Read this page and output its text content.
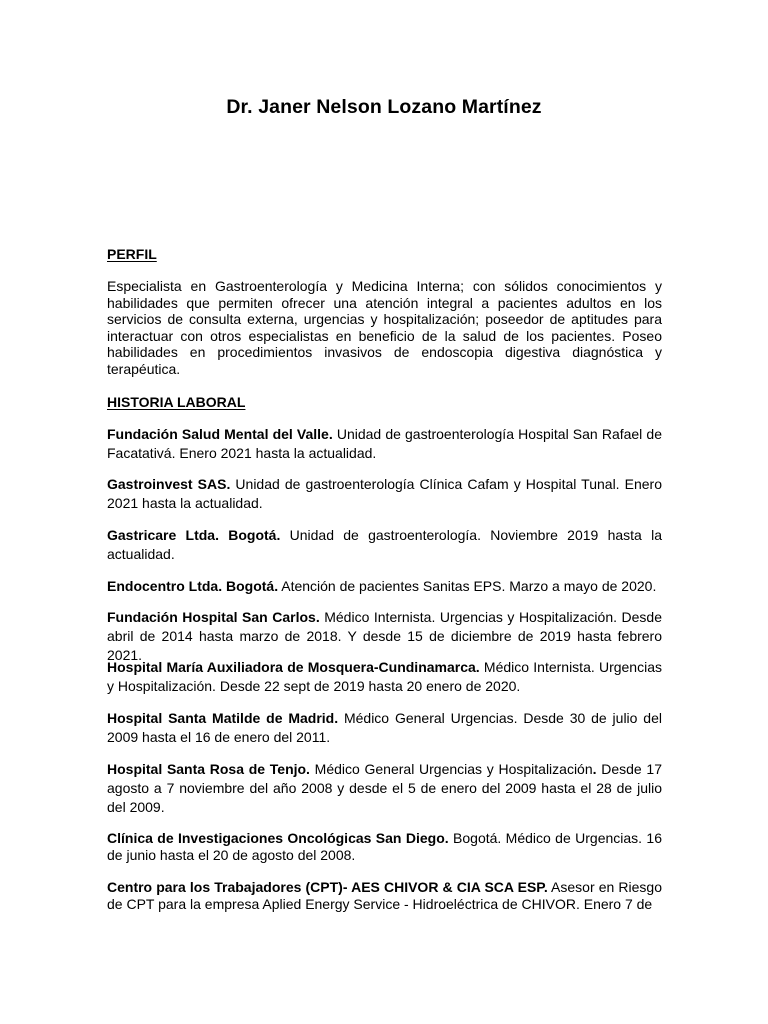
Dr. Janer Nelson Lozano Martínez
PERFIL
Especialista en Gastroenterología y Medicina Interna; con sólidos conocimientos y habilidades que permiten ofrecer una atención integral a pacientes adultos en los servicios de consulta externa, urgencias y hospitalización; poseedor de aptitudes para interactuar con otros especialistas en beneficio de la salud de los pacientes. Poseo habilidades en procedimientos invasivos de endoscopia digestiva diagnóstica y terapéutica.
HISTORIA LABORAL
Fundación Salud Mental del Valle. Unidad de gastroenterología Hospital San Rafael de Facatativá. Enero 2021 hasta la actualidad.
Gastroinvest SAS. Unidad de gastroenterología Clínica Cafam y Hospital Tunal. Enero 2021 hasta la actualidad.
Gastricare Ltda. Bogotá. Unidad de gastroenterología. Noviembre 2019 hasta la actualidad.
Endocentro Ltda. Bogotá. Atención de pacientes Sanitas EPS. Marzo a mayo de 2020.
Fundación Hospital San Carlos. Médico Internista. Urgencias y Hospitalización. Desde abril de 2014 hasta marzo de 2018. Y desde 15 de diciembre de 2019 hasta febrero 2021.
Hospital María Auxiliadora de Mosquera-Cundinamarca. Médico Internista. Urgencias y Hospitalización. Desde 22 sept de 2019 hasta 20 enero de 2020.
Hospital Santa Matilde de Madrid. Médico General Urgencias. Desde 30 de julio del 2009 hasta el 16 de enero del 2011.
Hospital Santa Rosa de Tenjo. Médico General Urgencias y Hospitalización. Desde 17 agosto a 7 noviembre del año 2008 y desde el 5 de enero del 2009 hasta el 28 de julio del 2009.
Clínica de Investigaciones Oncológicas San Diego. Bogotá. Médico de Urgencias. 16 de junio hasta el 20 de agosto del 2008.
Centro para los Trabajadores (CPT)- AES CHIVOR & CIA SCA ESP. Asesor en Riesgo de CPT para la empresa Aplied Energy Service - Hidroeléctrica de CHIVOR. Enero 7 de
